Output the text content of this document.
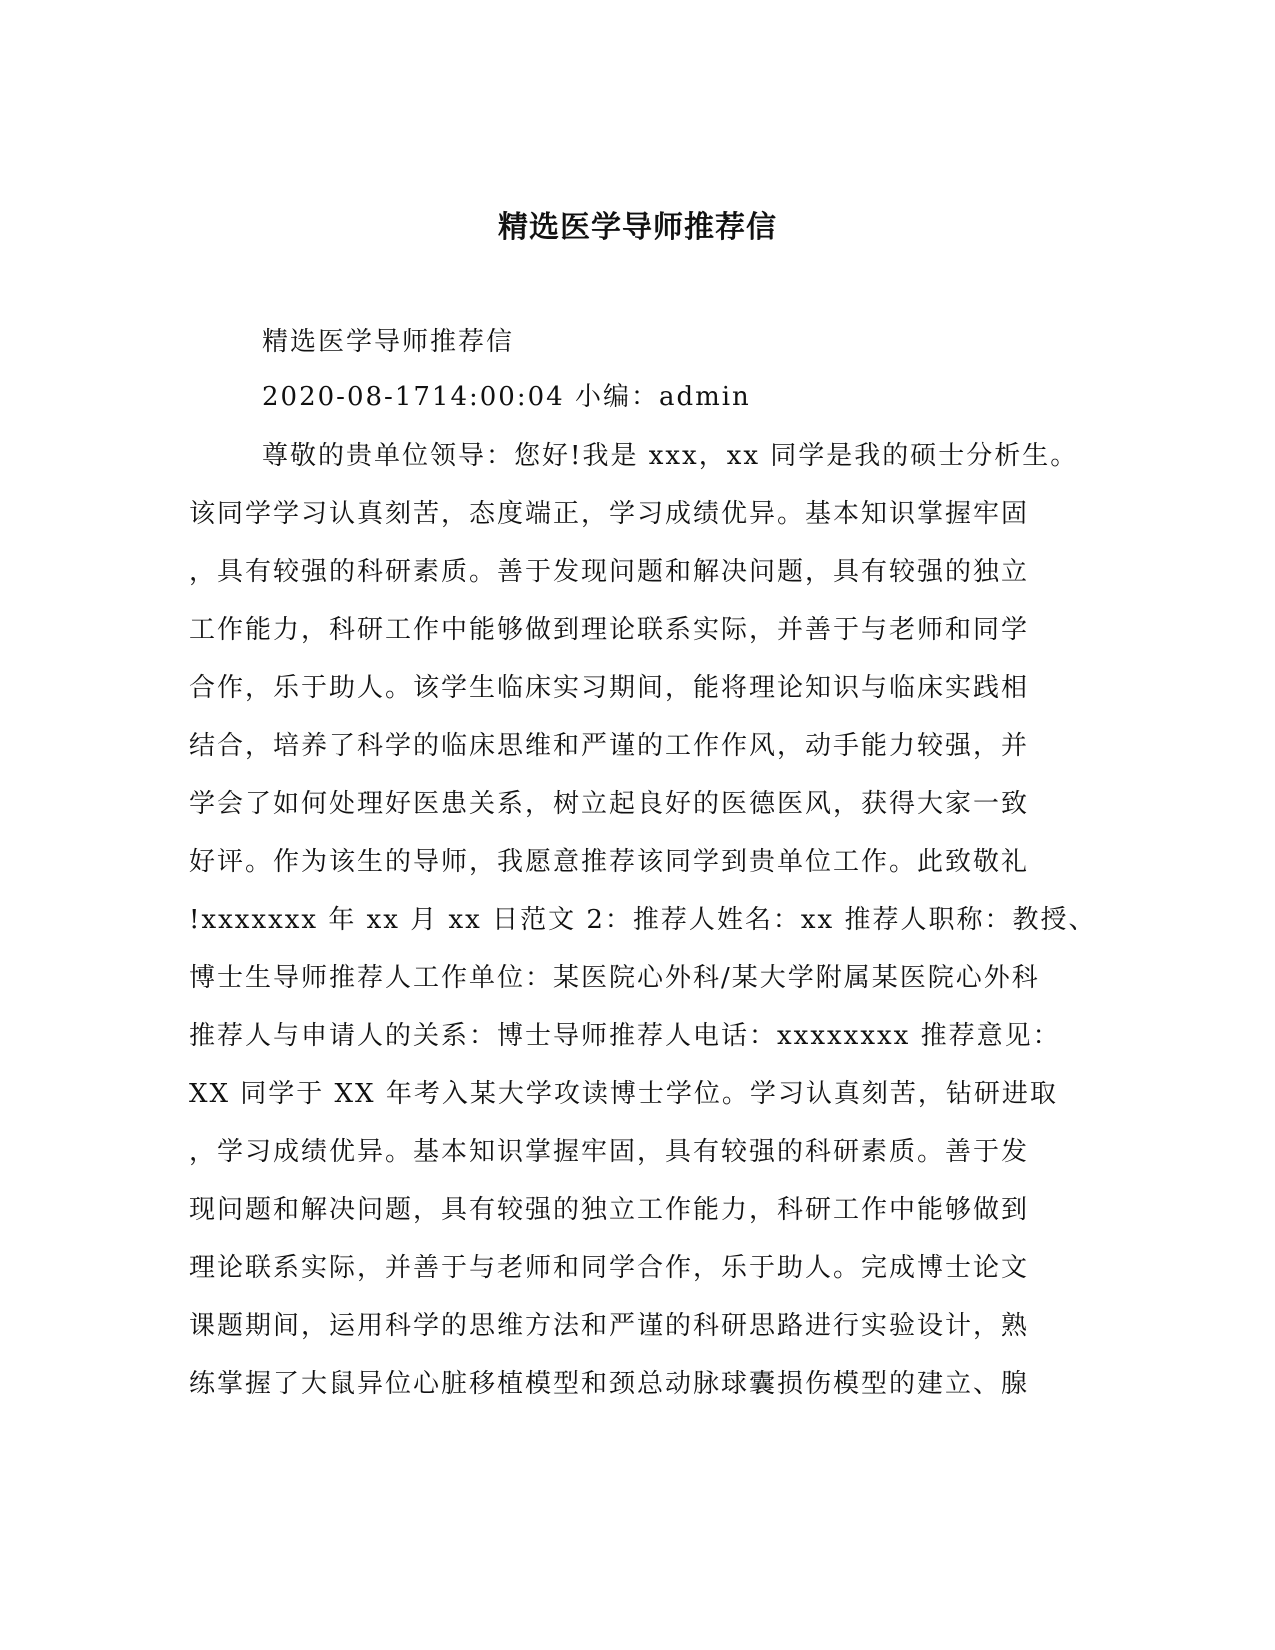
精选医学导师推荐信
精选医学导师推荐信
2020-08-1714:00:04 小编：admin
尊敬的贵单位领导：您好!我是 xxx，xx 同学是我的硕士分析生。
该同学学习认真刻苦，态度端正，学习成绩优异。基本知识掌握牢固
，具有较强的科研素质。善于发现问题和解决问题，具有较强的独立
工作能力，科研工作中能够做到理论联系实际，并善于与老师和同学
合作，乐于助人。该学生临床实习期间，能将理论知识与临床实践相
结合，培养了科学的临床思维和严谨的工作作风，动手能力较强，并
学会了如何处理好医患关系，树立起良好的医德医风，获得大家一致
好评。作为该生的导师，我愿意推荐该同学到贵单位工作。此致敬礼
!xxxxxxx 年 xx 月 xx 日范文 2：推荐人姓名：xx 推荐人职称：教授、
博士生导师推荐人工作单位：某医院心外科/某大学附属某医院心外科
推荐人与申请人的关系：博士导师推荐人电话：xxxxxxxx 推荐意见：
XX 同学于 XX 年考入某大学攻读博士学位。学习认真刻苦，钻研进取
，学习成绩优异。基本知识掌握牢固，具有较强的科研素质。善于发
现问题和解决问题，具有较强的独立工作能力，科研工作中能够做到
理论联系实际，并善于与老师和同学合作，乐于助人。完成博士论文
课题期间，运用科学的思维方法和严谨的科研思路进行实验设计，熟
练掌握了大鼠异位心脏移植模型和颈总动脉球囊损伤模型的建立、腺
